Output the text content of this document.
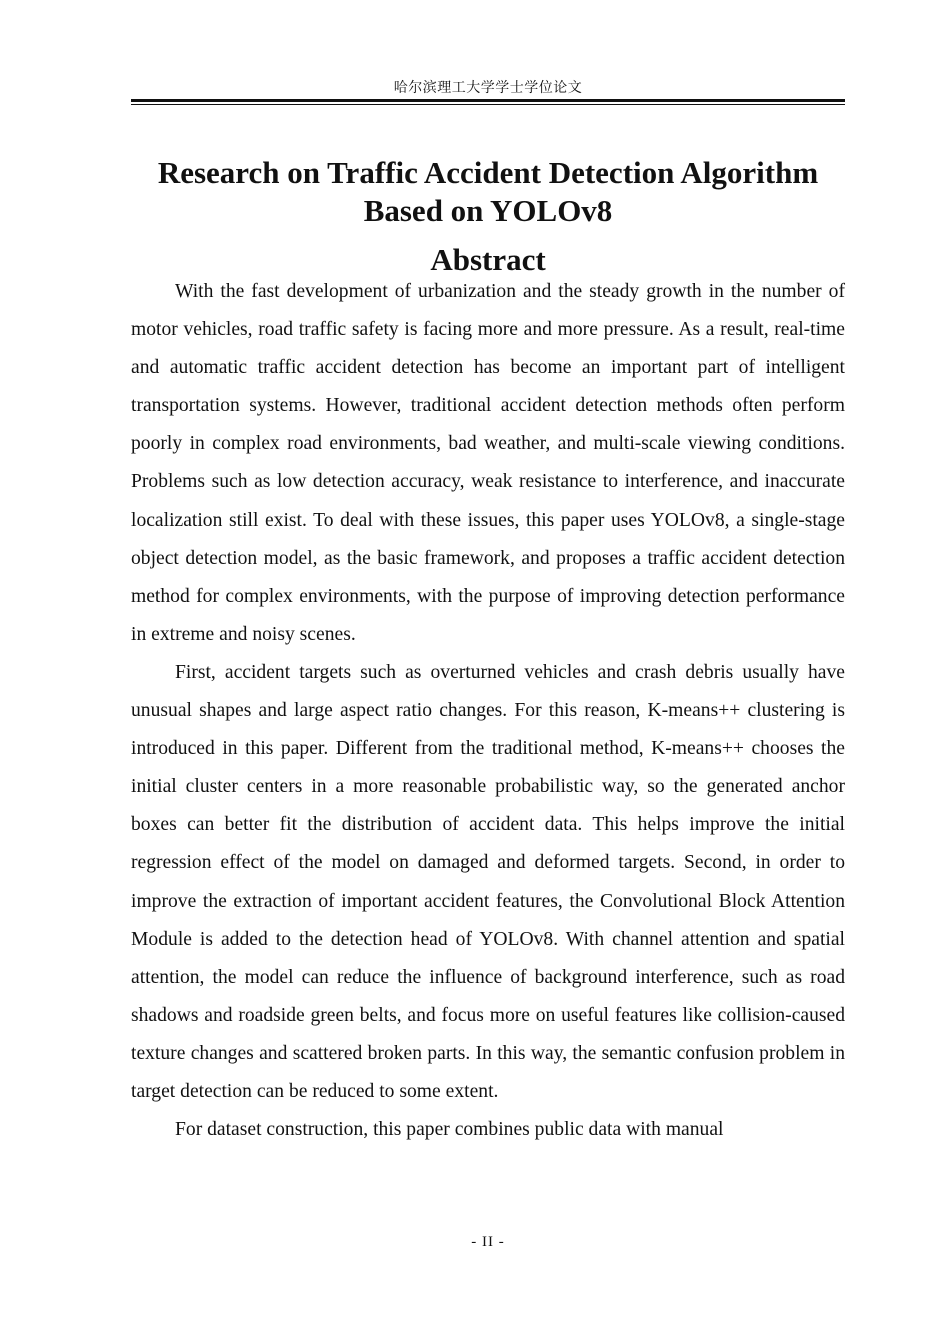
哈尔滨理工大学学士学位论文
Research on Traffic Accident Detection Algorithm
Based on YOLOv8
Abstract

With the fast development of urbanization and the steady growth in the number of motor vehicles, road traffic safety is facing more and more pressure. As a result, real-time and automatic traffic accident detection has become an important part of intelligent transportation systems. However, traditional accident detection methods often perform poorly in complex road environments, bad weather, and multi-scale viewing conditions. Problems such as low detection accuracy, weak resistance to interference, and inaccurate localization still exist. To deal with these issues, this paper uses YOLOv8, a single-stage object detection model, as the basic framework, and proposes a traffic accident detection method for complex environments, with the purpose of improving detection performance in extreme and noisy scenes.

First, accident targets such as overturned vehicles and crash debris usually have unusual shapes and large aspect ratio changes. For this reason, K-means++ clustering is introduced in this paper. Different from the traditional method, K-means++ chooses the initial cluster centers in a more reasonable probabilistic way, so the generated anchor boxes can better fit the distribution of accident data. This helps improve the initial regression effect of the model on damaged and deformed targets. Second, in order to improve the extraction of important accident features, the Convolutional Block Attention Module is added to the detection head of YOLOv8. With channel attention and spatial attention, the model can reduce the influence of background interference, such as road shadows and roadside green belts, and focus more on useful features like collision-caused texture changes and scattered broken parts. In this way, the semantic confusion problem in target detection can be reduced to some extent.

For dataset construction, this paper combines public data with manual

- II -
